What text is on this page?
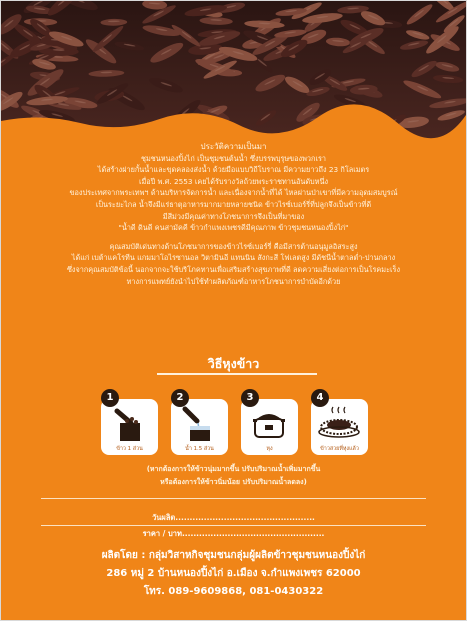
ประวัติความเป็นมา
ชุมชนหนองปิ้งไก่ เป็นชุมชนต้นน้ำ ซึ่งบรรพบุรุษของพวกเรา
ได้สร้างฝายกั้นน้ำและขุดคลองส่งน้ำ ด้วยมือแบบวิถีโบราณ มีความยาวถึง 23 กิโลเมตร
เมื่อปี พ.ศ. 2553 เคยได้รับรางวัลถ้วยพระราชทานอันดับหนึ่ง
ของประเทศจากพระเทพฯ ด้านบริหารจัดการน้ำ และเนื่องจากน้ำที่ได้ ไหลผ่านป่าเขาที่มีความอุดมสมบูรณ์
เป็นระยะไกล น้ำจึงมีแร่ธาตุอาหารมากมายหลายชนิด ข้าวไรซ์เบอร์รี่ที่ปลูกจึงเป็นข้าวที่ดี
มีสีม่วงมีคุณค่าทางโภชนาการจึงเป็นที่มาของ
"น้ำดี ดินดี คนสามัคคี ข้าวกำแพงเพชรดีมีคุณภาพ ข้าวชุมชนหนองปิ้งไก่"
คุณสมบัติเด่นทางด้านโภชนาการของข้าวไรซ์เบอร์รี่ คือมีสารต้านอนุมูลอิสระสูง
ได้แก่ เบต้าแคโรทีน แกมมาโอไรซานอล วิตามินอี แทนนิน สังกะสี โฟเลตสูง มีดัชนีน้ำตาลต่ำ-ปานกลาง
ซึ่งจากคุณสมบัติข้อนี้ นอกจากจะใช้บริโภคทานเพื่อเสริมสร้างสุขภาพที่ดี ลดความเสี่ยงต่อการเป็นโรคมะเร็ง
ทางการแพทย์ยังนำไปใช้ทำผลิตภัณฑ์อาหารโภชนาการบำบัดอีกด้วย
วิธีหุงข้าว
1
ข้าว 1 ส่วน
2
น้ำ 1.5 ส่วน
3
หุง
4
ข้าวสวยที่หุงแล้ว
(หากต้องการให้ข้าวนุ่มมากขึ้น ปรับปริมาณน้ำเพิ่มมากขึ้น
หรือต้องการให้ข้าวนิ่มน้อย ปรับปริมาณน้ำลดลง)
วันผลิต.................................................
ราคา / บาท..................................................
ผลิตโดย : กลุ่มวิสาหกิจชุมชนกลุ่มผู้ผลิตข้าวชุมชนหนองปิ้งไก่
286 หมู่ 2 บ้านหนองปิ้งไก่ อ.เมือง จ.กำแพงเพชร 62000
โทร. 089-9609868, 081-0430322
